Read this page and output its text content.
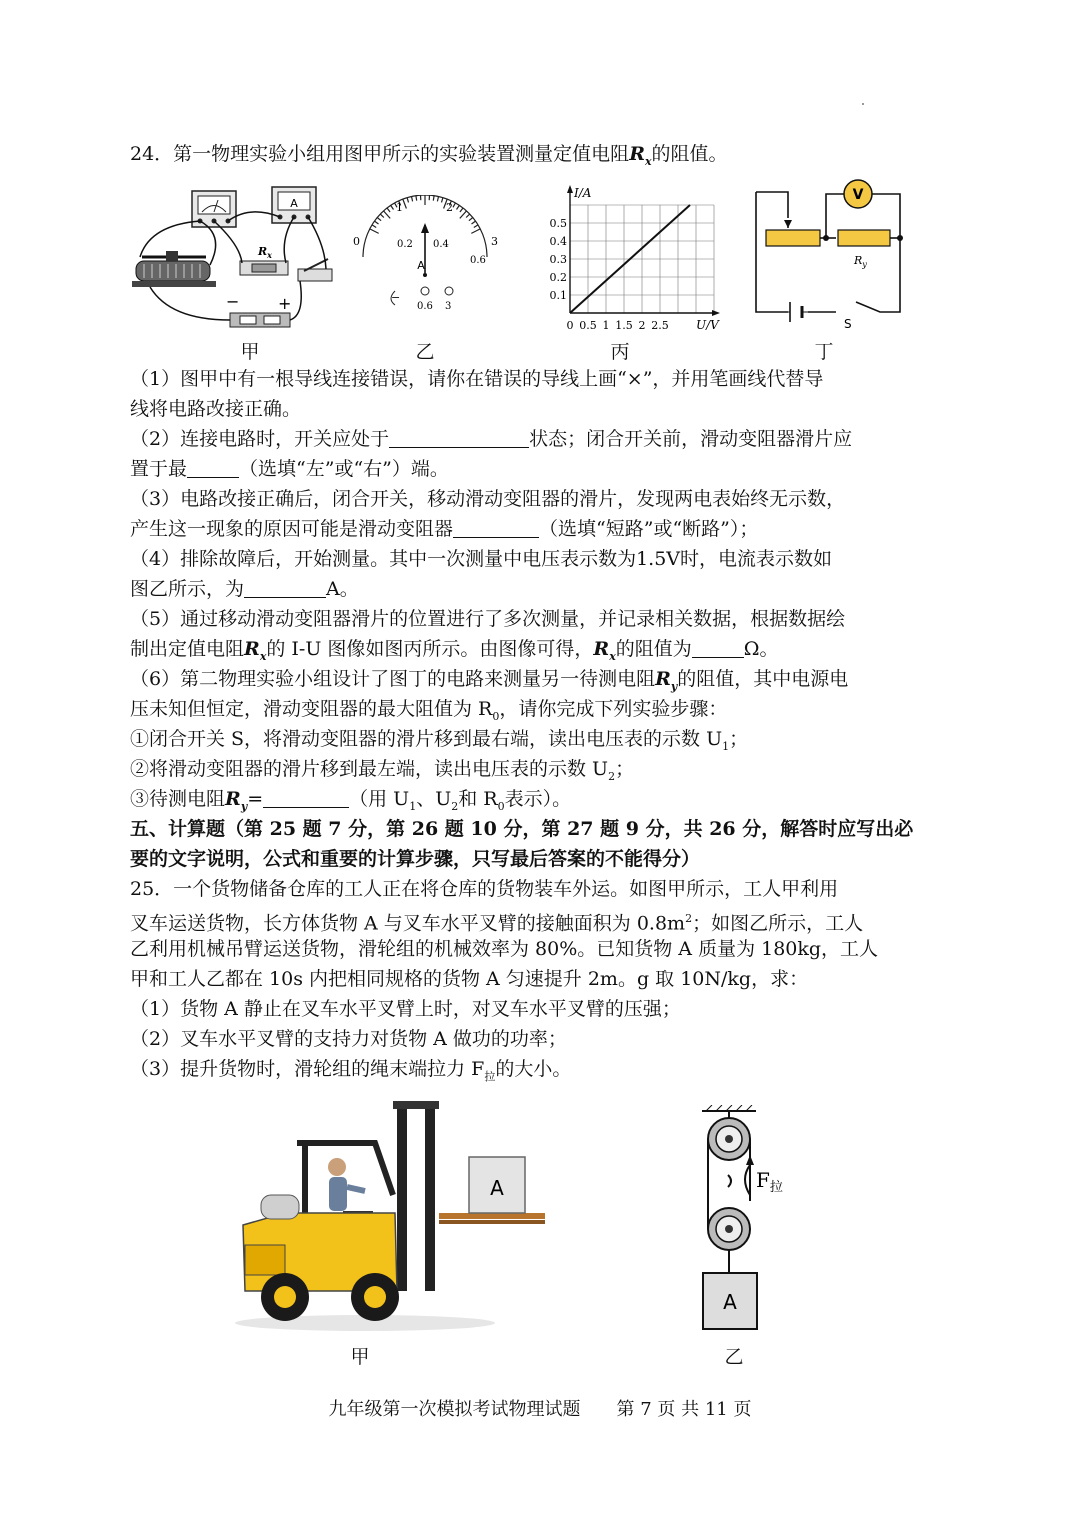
24．第一物理实验小组用图甲所示的实验装置测量定值电阻$R_x$的阻值。
A
$R_x$
− +
甲
0
1	2
3
0.2 0.4
0.6
A
−
0.6 3
乙
I/A
U/V
0.5
0.4
0.3
0.2
0.1
0 0.5 1 1.5 2 2.5
丙
V
$R_y$
S
丁
（1）图甲中有一根导线连接错误，请你在错误的导线上画“×”，并用笔画线代替导
线将电路改接正确。
（2）连接电路时，开关应处于	状态；闭合开关前，滑动变阻器滑片应
置于最	（选填“左”或“右”）端。
（3）电路改接正确后，闭合开关，移动滑动变阻器的滑片，发现两电表始终无示数，
产生这一现象的原因可能是滑动变阻器	（选填“短路”或“断路”）；
（4）排除故障后，开始测量。其中一次测量中电压表示数为1.5V时，电流表示数如
图乙所示，为	A。
（5）通过移动滑动变阻器滑片的位置进行了多次测量，并记录相关数据，根据数据绘
制出定值电阻$R_x$的 I-U 图像如图丙所示。由图像可得，$R_x$的阻值为	Ω。
（6）第二物理实验小组设计了图丁的电路来测量另一待测电阻$R_y$的阻值，其中电源电
压未知但恒定，滑动变阻器的最大阻值为 $R_0$，请你完成下列实验步骤：
①闭合开关 S，将滑动变阻器的滑片移到最右端，读出电压表的示数 $U_1$；
②将滑动变阻器的滑片移到最左端，读出电压表的示数 $U_2$；
③待测电阻$R_y=$	（用 $U_1$、$U_2$和 $R_0$表示）。
五、计算题（第 25 题 7 分，第 26 题 10 分，第 27 题 9 分，共 26 分，解答时应写出必
要的文字说明，公式和重要的计算步骤，只写最后答案的不能得分）
25．一个货物储备仓库的工人正在将仓库的货物装车外运。如图甲所示，工人甲利用
叉车运送货物，长方体货物 A 与叉车水平叉臂的接触面积为 $0.8m^2$；如图乙所示，工人
乙利用机械吊臂运送货物，滑轮组的机械效率为 80%。已知货物 A 质量为 180kg，工人
甲和工人乙都在 10s 内把相同规格的货物 A 匀速提升 2m。g 取 10N/kg，求：
（1）货物 A 静止在叉车水平叉臂上时，对叉车水平叉臂的压强；
（2）叉车水平叉臂的支持力对货物 A 做功的功率；
（3）提升货物时，滑轮组的绳末端拉力 $F_拉$的大小。
A
甲
$F_拉$
A
乙
九年级第一次模拟考试物理试题　　第 7 页 共 11 页
